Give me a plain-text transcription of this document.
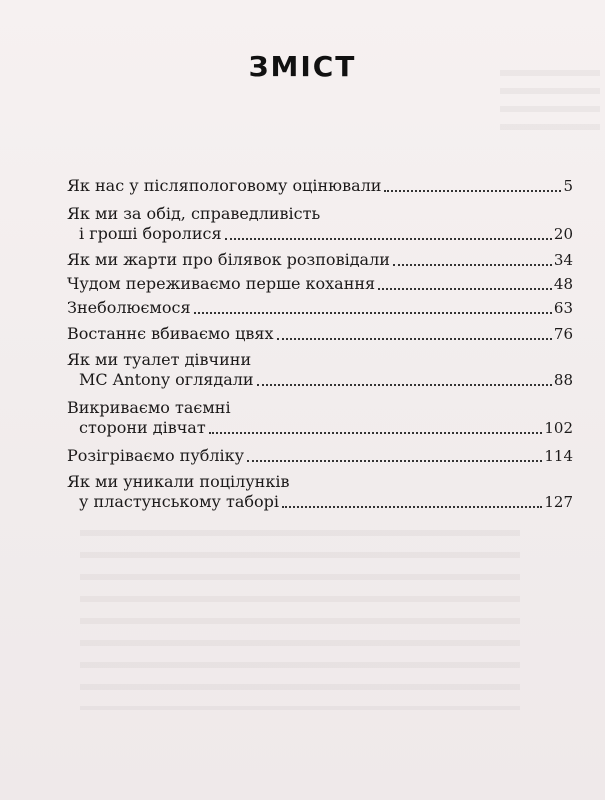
ЗМІСТ
Як нас у післяпологовому оцінювали	5
Як ми за обід, справедливість
і гроші боролися	20
Як ми жарти про білявок розповідали	34
Чудом переживаємо перше кохання	48
Знеболюємося	63
Востаннє вбиваємо цвях	76
Як ми туалет дівчини
МС Antony оглядали	88
Викриваємо таємні
сторони дівчат	102
Розігріваємо публіку	114
Як ми уникали поцілунків
у пластунському таборі	127
